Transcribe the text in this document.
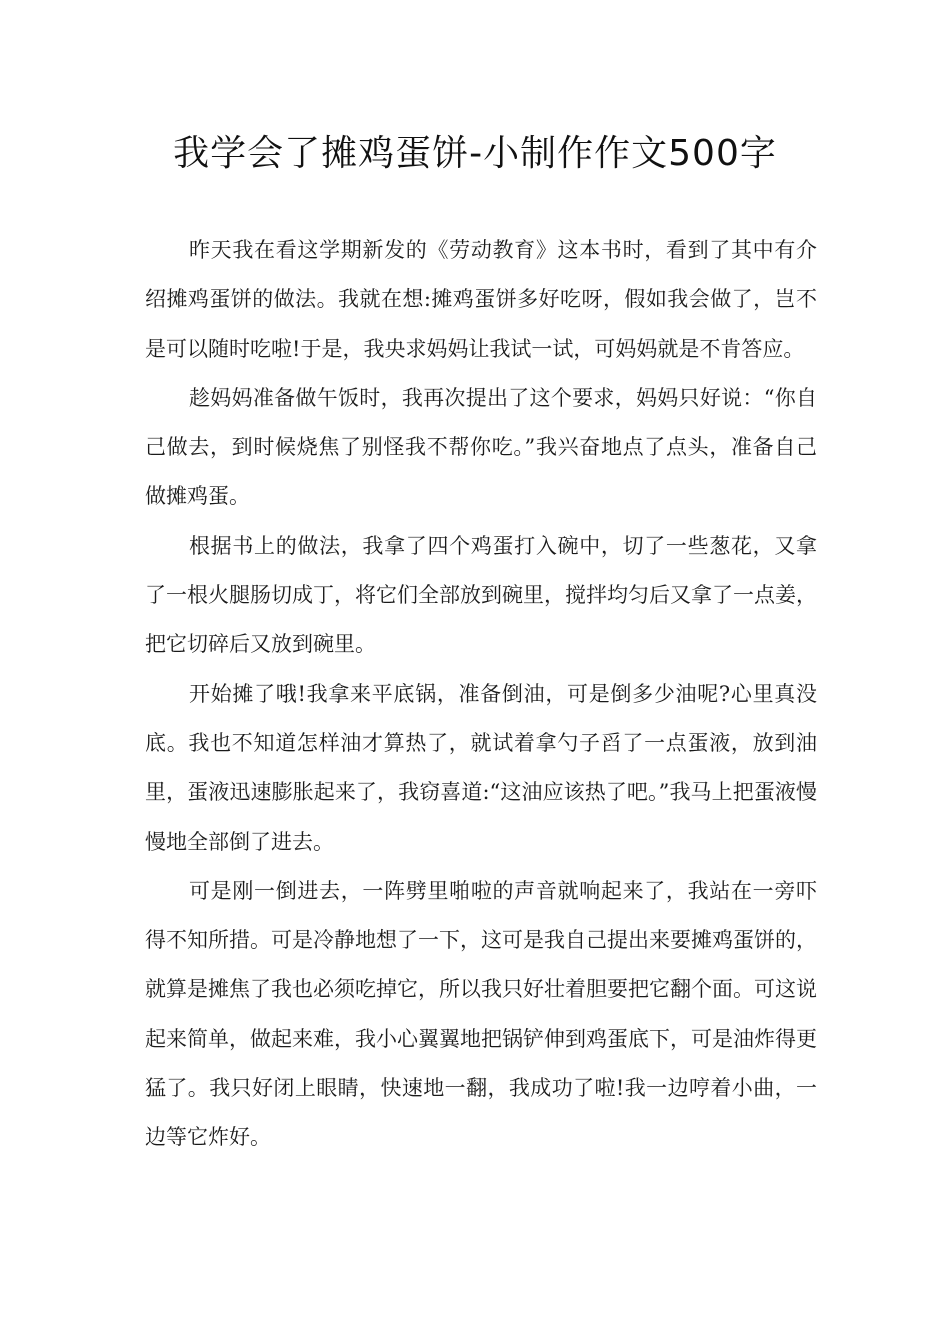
我学会了摊鸡蛋饼-小制作作文500字

昨天我在看这学期新发的《劳动教育》这本书时，看到了其中有介绍摊鸡蛋饼的做法。我就在想:摊鸡蛋饼多好吃呀，假如我会做了，岂不是可以随时吃啦!于是，我央求妈妈让我试一试，可妈妈就是不肯答应。

趁妈妈准备做午饭时，我再次提出了这个要求，妈妈只好说：“你自己做去，到时候烧焦了别怪我不帮你吃。”我兴奋地点了点头，准备自己做摊鸡蛋。

根据书上的做法，我拿了四个鸡蛋打入碗中，切了一些葱花，又拿了一根火腿肠切成丁，将它们全部放到碗里，搅拌均匀后又拿了一点姜，把它切碎后又放到碗里。

开始摊了哦!我拿来平底锅，准备倒油，可是倒多少油呢?心里真没底。我也不知道怎样油才算热了，就试着拿勺子舀了一点蛋液，放到油里，蛋液迅速膨胀起来了，我窃喜道:“这油应该热了吧。”我马上把蛋液慢慢地全部倒了进去。

可是刚一倒进去，一阵劈里啪啦的声音就响起来了，我站在一旁吓得不知所措。可是冷静地想了一下，这可是我自己提出来要摊鸡蛋饼的，就算是摊焦了我也必须吃掉它，所以我只好壮着胆要把它翻个面。可这说起来简单，做起来难，我小心翼翼地把锅铲伸到鸡蛋底下，可是油炸得更猛了。我只好闭上眼睛，快速地一翻，我成功了啦!我一边哼着小曲，一边等它炸好。
